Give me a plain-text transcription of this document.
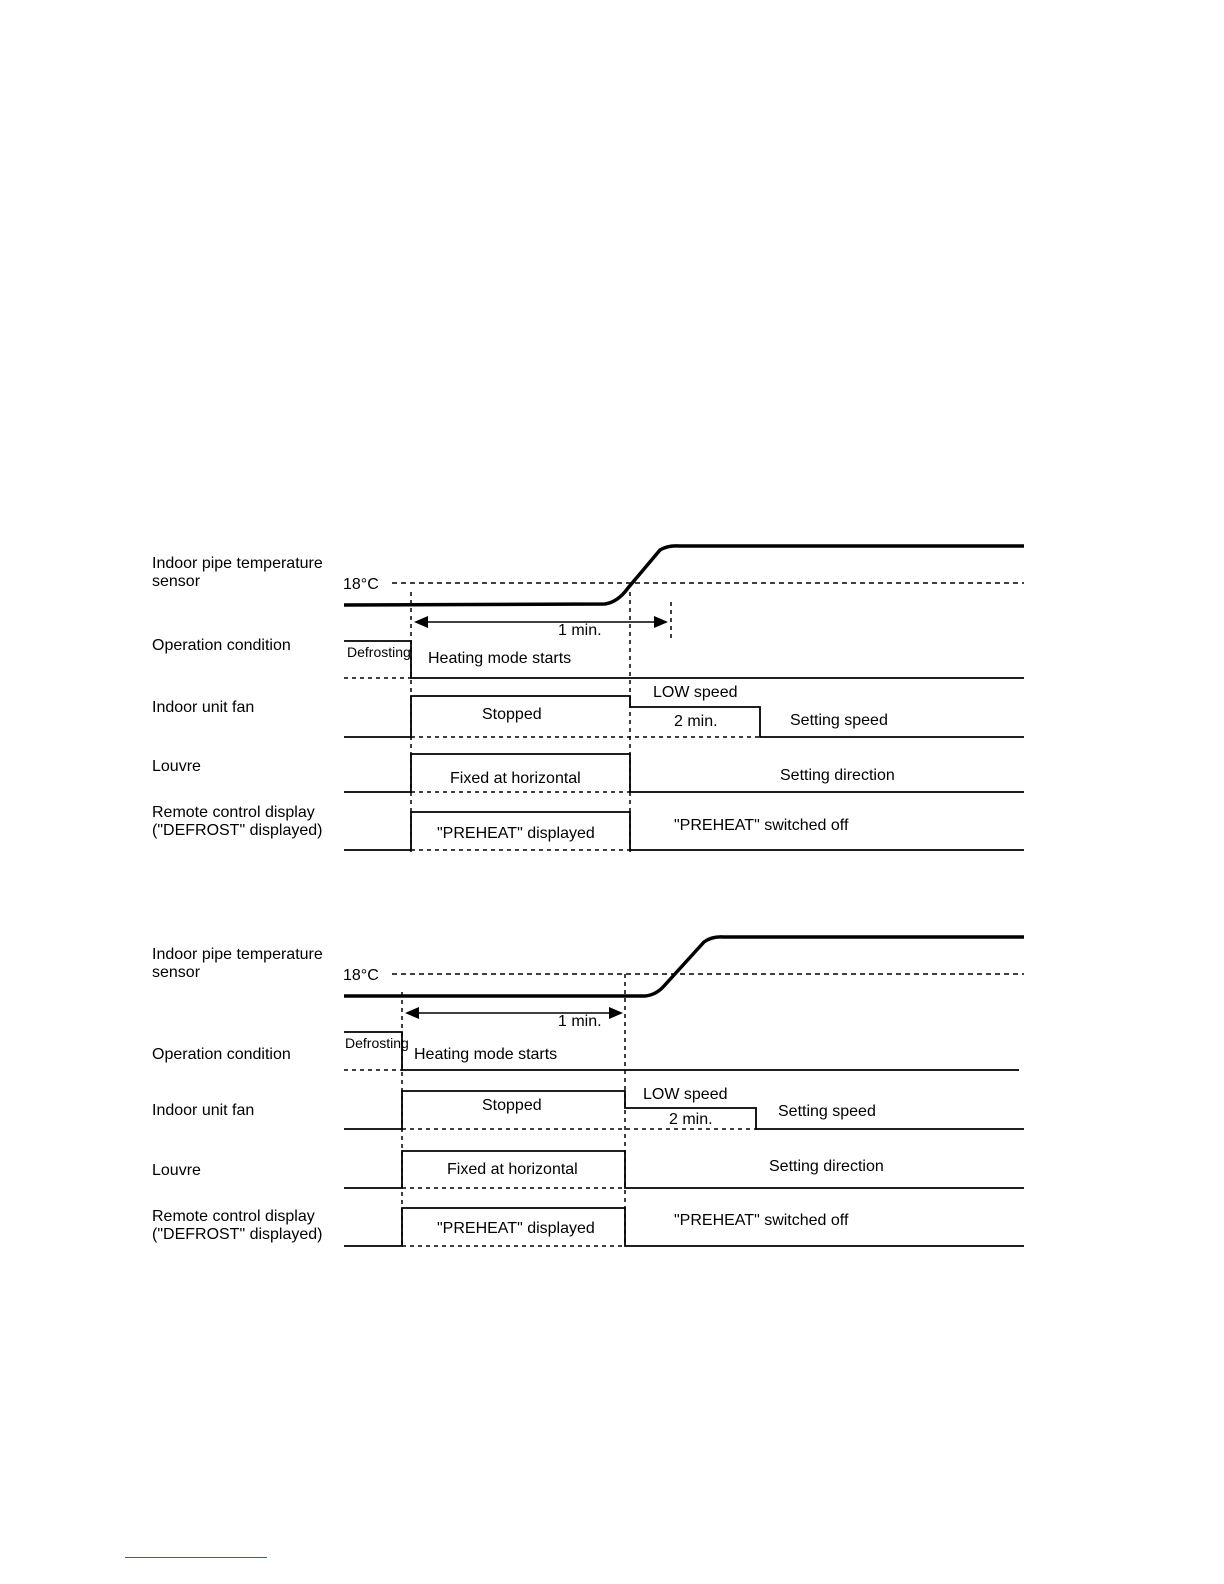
Indoor pipe temperature
sensor
Operation condition
Indoor unit fan
Louvre
Remote control display
("DEFROST" displayed)
18°C
1 min.
Defrosting Heating mode starts
LOW speed
Stopped	2 min.	Setting speed
Fixed at horizontal	Setting direction
"PREHEAT" displayed	"PREHEAT" switched off
Indoor pipe temperature
sensor
Operation condition
Indoor unit fan
Louvre
Remote control display
("DEFROST" displayed)
18°C
1 min.
Defrosting
Heating mode starts
LOW speed
Stopped
2 min.	Setting speed
Fixed at horizontal	Setting direction
"PREHEAT" displayed	"PREHEAT" switched off
